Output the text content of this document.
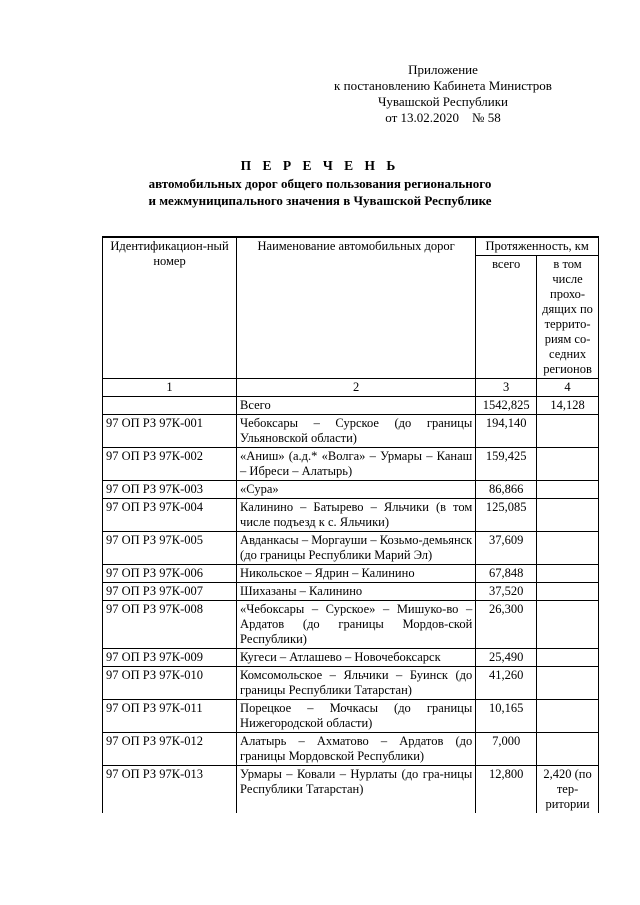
Приложение
к постановлению Кабинета Министров
Чувашской Республики
от 13.02.2020    № 58
П Е Р Е Ч Е Н Ь
автомобильных дорог общего пользования регионального
и межмуниципального значения в Чувашской Республике
Идентификацион-ный номер	Наименование автомобильных дорог	Протяженность, км	
		всего	в том числе прохо-дящих по террито-риям со-седних регионов
1	2	3	4
	Всего	1542,825	14,128
97 ОП РЗ 97К-001	Чебоксары – Сурское (до границы Ульяновской области)	194,140	
97 ОП РЗ 97К-002	«Аниш» (а.д.* «Волга» – Урмары – Канаш – Ибреси – Алатырь)	159,425	
97 ОП РЗ 97К-003	«Сура»	86,866	
97 ОП РЗ 97К-004	Калинино – Батырево – Яльчики (в том числе подъезд к с. Яльчики)	125,085	
97 ОП РЗ 97К-005	Авданкасы – Моргауши – Козьмо-демьянск (до границы Республики Марий Эл)	37,609	
97 ОП РЗ 97К-006	Никольское – Ядрин – Калинино	67,848	
97 ОП РЗ 97К-007	Шихазаны – Калинино	37,520	
97 ОП РЗ 97К-008	«Чебоксары – Сурское» – Мишуко-во – Ардатов (до границы Мордов-ской Республики)	26,300	
97 ОП РЗ 97К-009	Кугеси – Атлашево – Новочебоксарск	25,490	
97 ОП РЗ 97К-010	Комсомольское – Яльчики – Буинск (до границы Республики Татарстан)	41,260	
97 ОП РЗ 97К-011	Порецкое – Мочкасы (до границы Нижегородской области)	10,165	
97 ОП РЗ 97К-012	Алатырь – Ахматово – Ардатов (до границы Мордовской Республики)	7,000	
97 ОП РЗ 97К-013	Урмары – Ковали – Нурлаты (до гра-ницы Республики Татарстан)	12,800	2,420 (по тер-ритории
